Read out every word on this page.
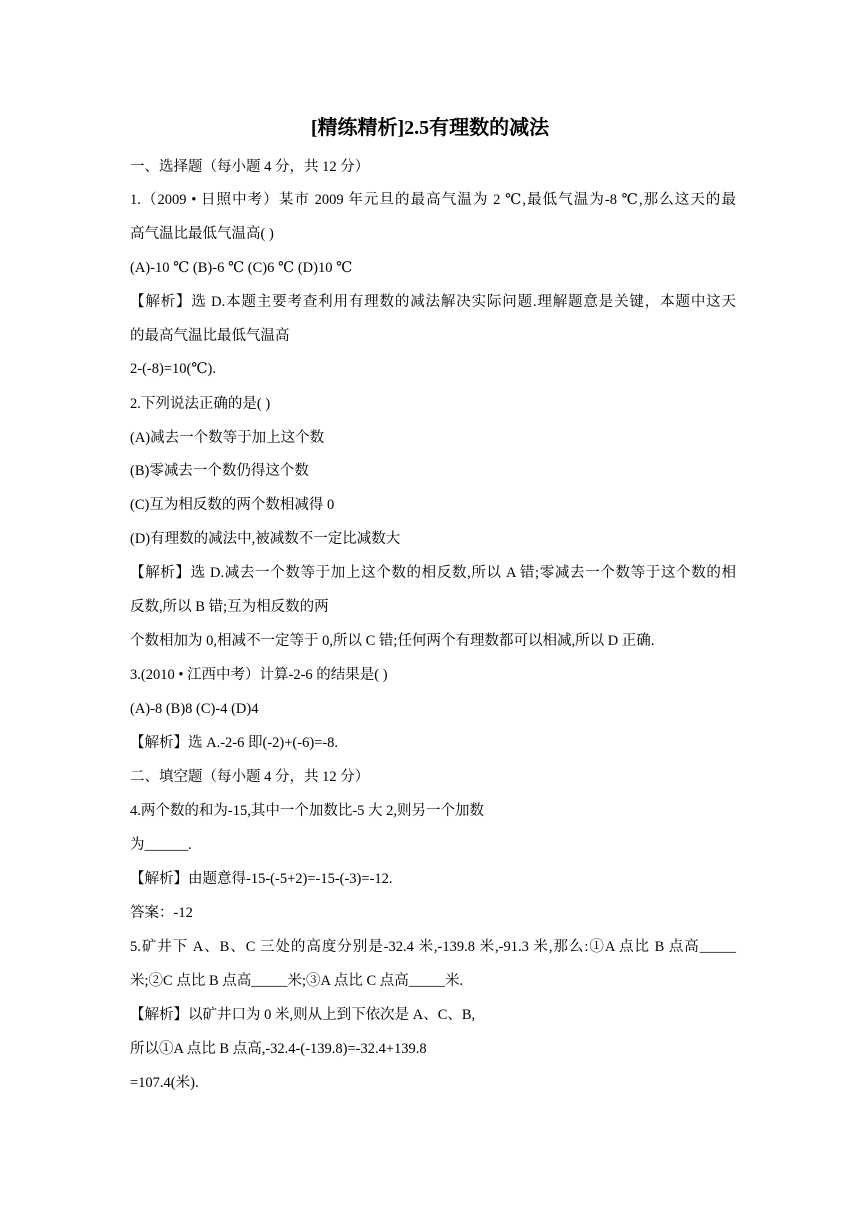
[精练精析]2.5有理数的减法
一、选择题（每小题 4 分，共 12 分）
1.（2009 • 日照中考）某市 2009 年元旦的最高气温为 2 ℃,最低气温为-8 ℃,那么这天的最
高气温比最低气温高( )
(A)-10 ℃ (B)-6 ℃ (C)6 ℃ (D)10 ℃
【解析】选 D.本题主要考查利用有理数的减法解决实际问题.理解题意是关键，本题中这天
的最高气温比最低气温高
2-(-8)=10(℃).
2.下列说法正确的是( )
(A)减去一个数等于加上这个数
(B)零减去一个数仍得这个数
(C)互为相反数的两个数相减得 0
(D)有理数的减法中,被减数不一定比减数大
【解析】选 D.减去一个数等于加上这个数的相反数,所以 A 错;零减去一个数等于这个数的相
反数,所以 B 错;互为相反数的两
个数相加为 0,相减不一定等于 0,所以 C 错;任何两个有理数都可以相减,所以 D 正确.
3.(2010 • 江西中考）计算-2-6 的结果是( )
(A)-8 (B)8 (C)-4 (D)4
【解析】选 A.-2-6 即(-2)+(-6)=-8.
二、填空题（每小题 4 分，共 12 分）
4.两个数的和为-15,其中一个加数比-5 大 2,则另一个加数
为______.
【解析】由题意得-15-(-5+2)=-15-(-3)=-12.
答案：-12
5.矿井下 A、B、C 三处的高度分别是-32.4 米,-139.8 米,-91.3 米,那么:①A 点比 B 点高_____
米;②C 点比 B 点高_____米;③A 点比 C 点高_____米.
【解析】以矿井口为 0 米,则从上到下依次是 A、C、B,
所以①A 点比 B 点高,-32.4-(-139.8)=-32.4+139.8
=107.4(米).
